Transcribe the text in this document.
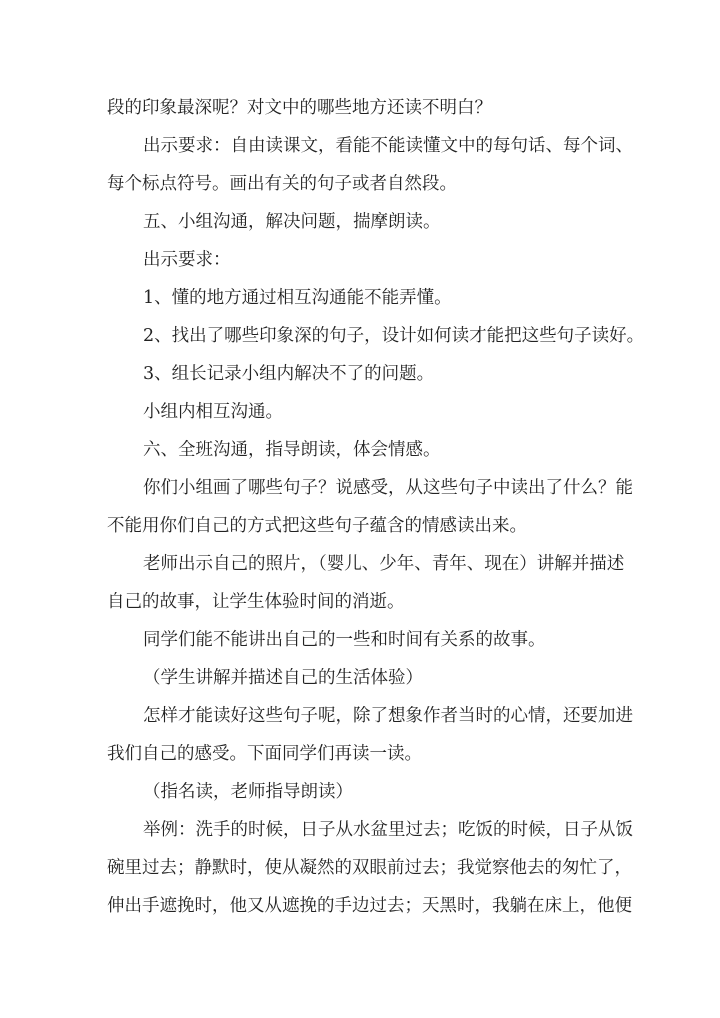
段的印象最深呢？对文中的哪些地方还读不明白？

出示要求：自由读课文，看能不能读懂文中的每句话、每个词、

每个标点符号。画出有关的句子或者自然段。

五、小组沟通，解决问题，揣摩朗读。

出示要求：

1、懂的地方通过相互沟通能不能弄懂。

2、找出了哪些印象深的句子，设计如何读才能把这些句子读好。

3、组长记录小组内解决不了的问题。

小组内相互沟通。

六、全班沟通，指导朗读，体会情感。

你们小组画了哪些句子？说感受，从这些句子中读出了什么？能

不能用你们自己的方式把这些句子蕴含的情感读出来。

老师出示自己的照片，（婴儿、少年、青年、现在）讲解并描述

自己的故事，让学生体验时间的消逝。

同学们能不能讲出自己的一些和时间有关系的故事。

（学生讲解并描述自己的生活体验）

怎样才能读好这些句子呢，除了想象作者当时的心情，还要加进

我们自己的感受。下面同学们再读一读。

（指名读，老师指导朗读）

举例：洗手的时候，日子从水盆里过去；吃饭的时候，日子从饭

碗里过去；静默时，使从凝然的双眼前过去；我觉察他去的匆忙了，

伸出手遮挽时，他又从遮挽的手边过去；天黑时，我躺在床上，他便
